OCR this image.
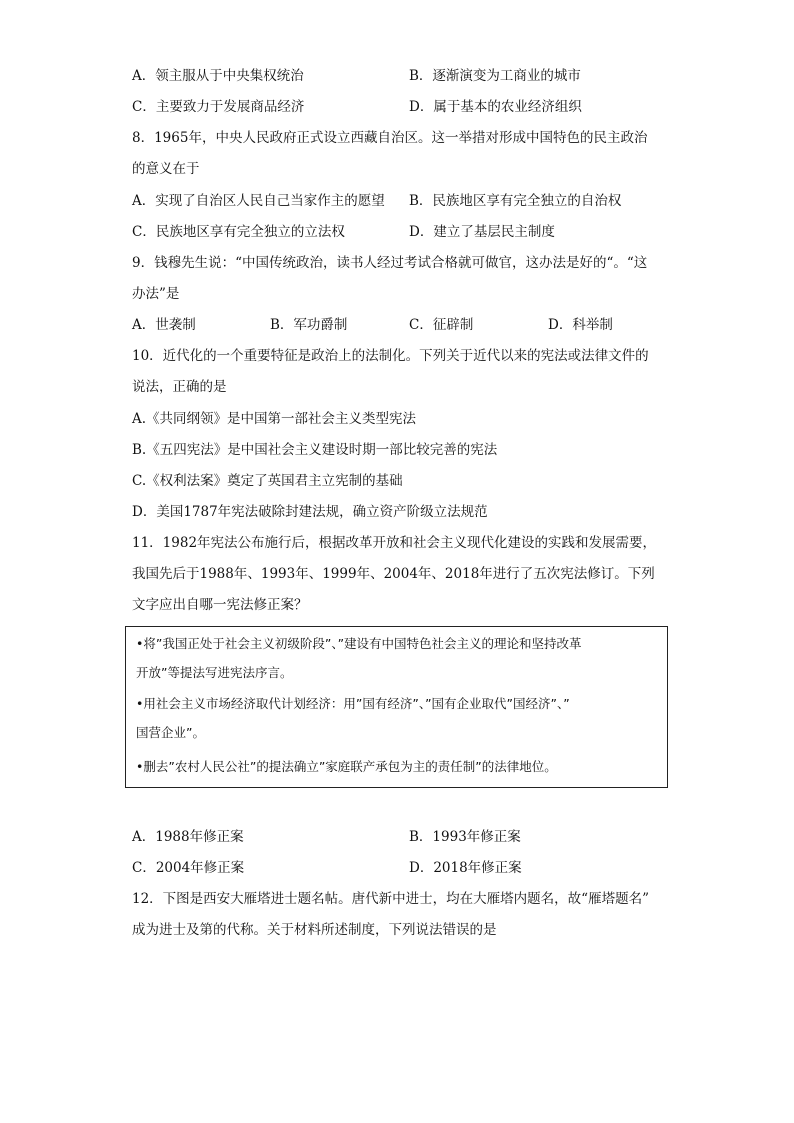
A．领主服从于中央集权统治	B．逐渐演变为工商业的城市
C．主要致力于发展商品经济	D．属于基本的农业经济组织
8．1965年，中央人民政府正式设立西藏自治区。这一举措对形成中国特色的民主政治
的意义在于
A．实现了自治区人民自己当家作主的愿望 B．民族地区享有完全独立的自治权
C．民族地区享有完全独立的立法权	D．建立了基层民主制度
9．钱穆先生说：“中国传统政治，读书人经过考试合格就可做官，这办法是好的“。“这
办法”是
A．世袭制	B．军功爵制	C．征辟制	D．科举制
10．近代化的一个重要特征是政治上的法制化。下列关于近代以来的宪法或法律文件的
说法，正确的是
A.《共同纲领》是中国第一部社会主义类型宪法
B.《五四宪法》是中国社会主义建设时期一部比较完善的宪法
C.《权利法案》奠定了英国君主立宪制的基础
D．美国1787年宪法破除封建法规，确立资产阶级立法规范
11．1982年宪法公布施行后，根据改革开放和社会主义现代化建设的实践和发展需要，
我国先后于1988年、1993年、1999年、2004年、2018年进行了五次宪法修订。下列
文字应出自哪一宪法修正案？
•将”我国正处于社会主义初级阶段”、”建设有中国特色社会主义的理论和坚持改革
开放”等提法写进宪法序言。
•用社会主义市场经济取代计划经济：用”国有经济”、”国有企业取代”国经济”、”
国营企业”。
•删去”农村人民公社”的提法确立”家庭联产承包为主的责任制”的法律地位。
A．1988年修正案	B．1993年修正案
C．2004年修正案	D．2018年修正案
12．下图是西安大雁塔进士题名帖。唐代新中进士，均在大雁塔内题名，故“雁塔题名”
成为进士及第的代称。关于材料所述制度，下列说法错误的是
